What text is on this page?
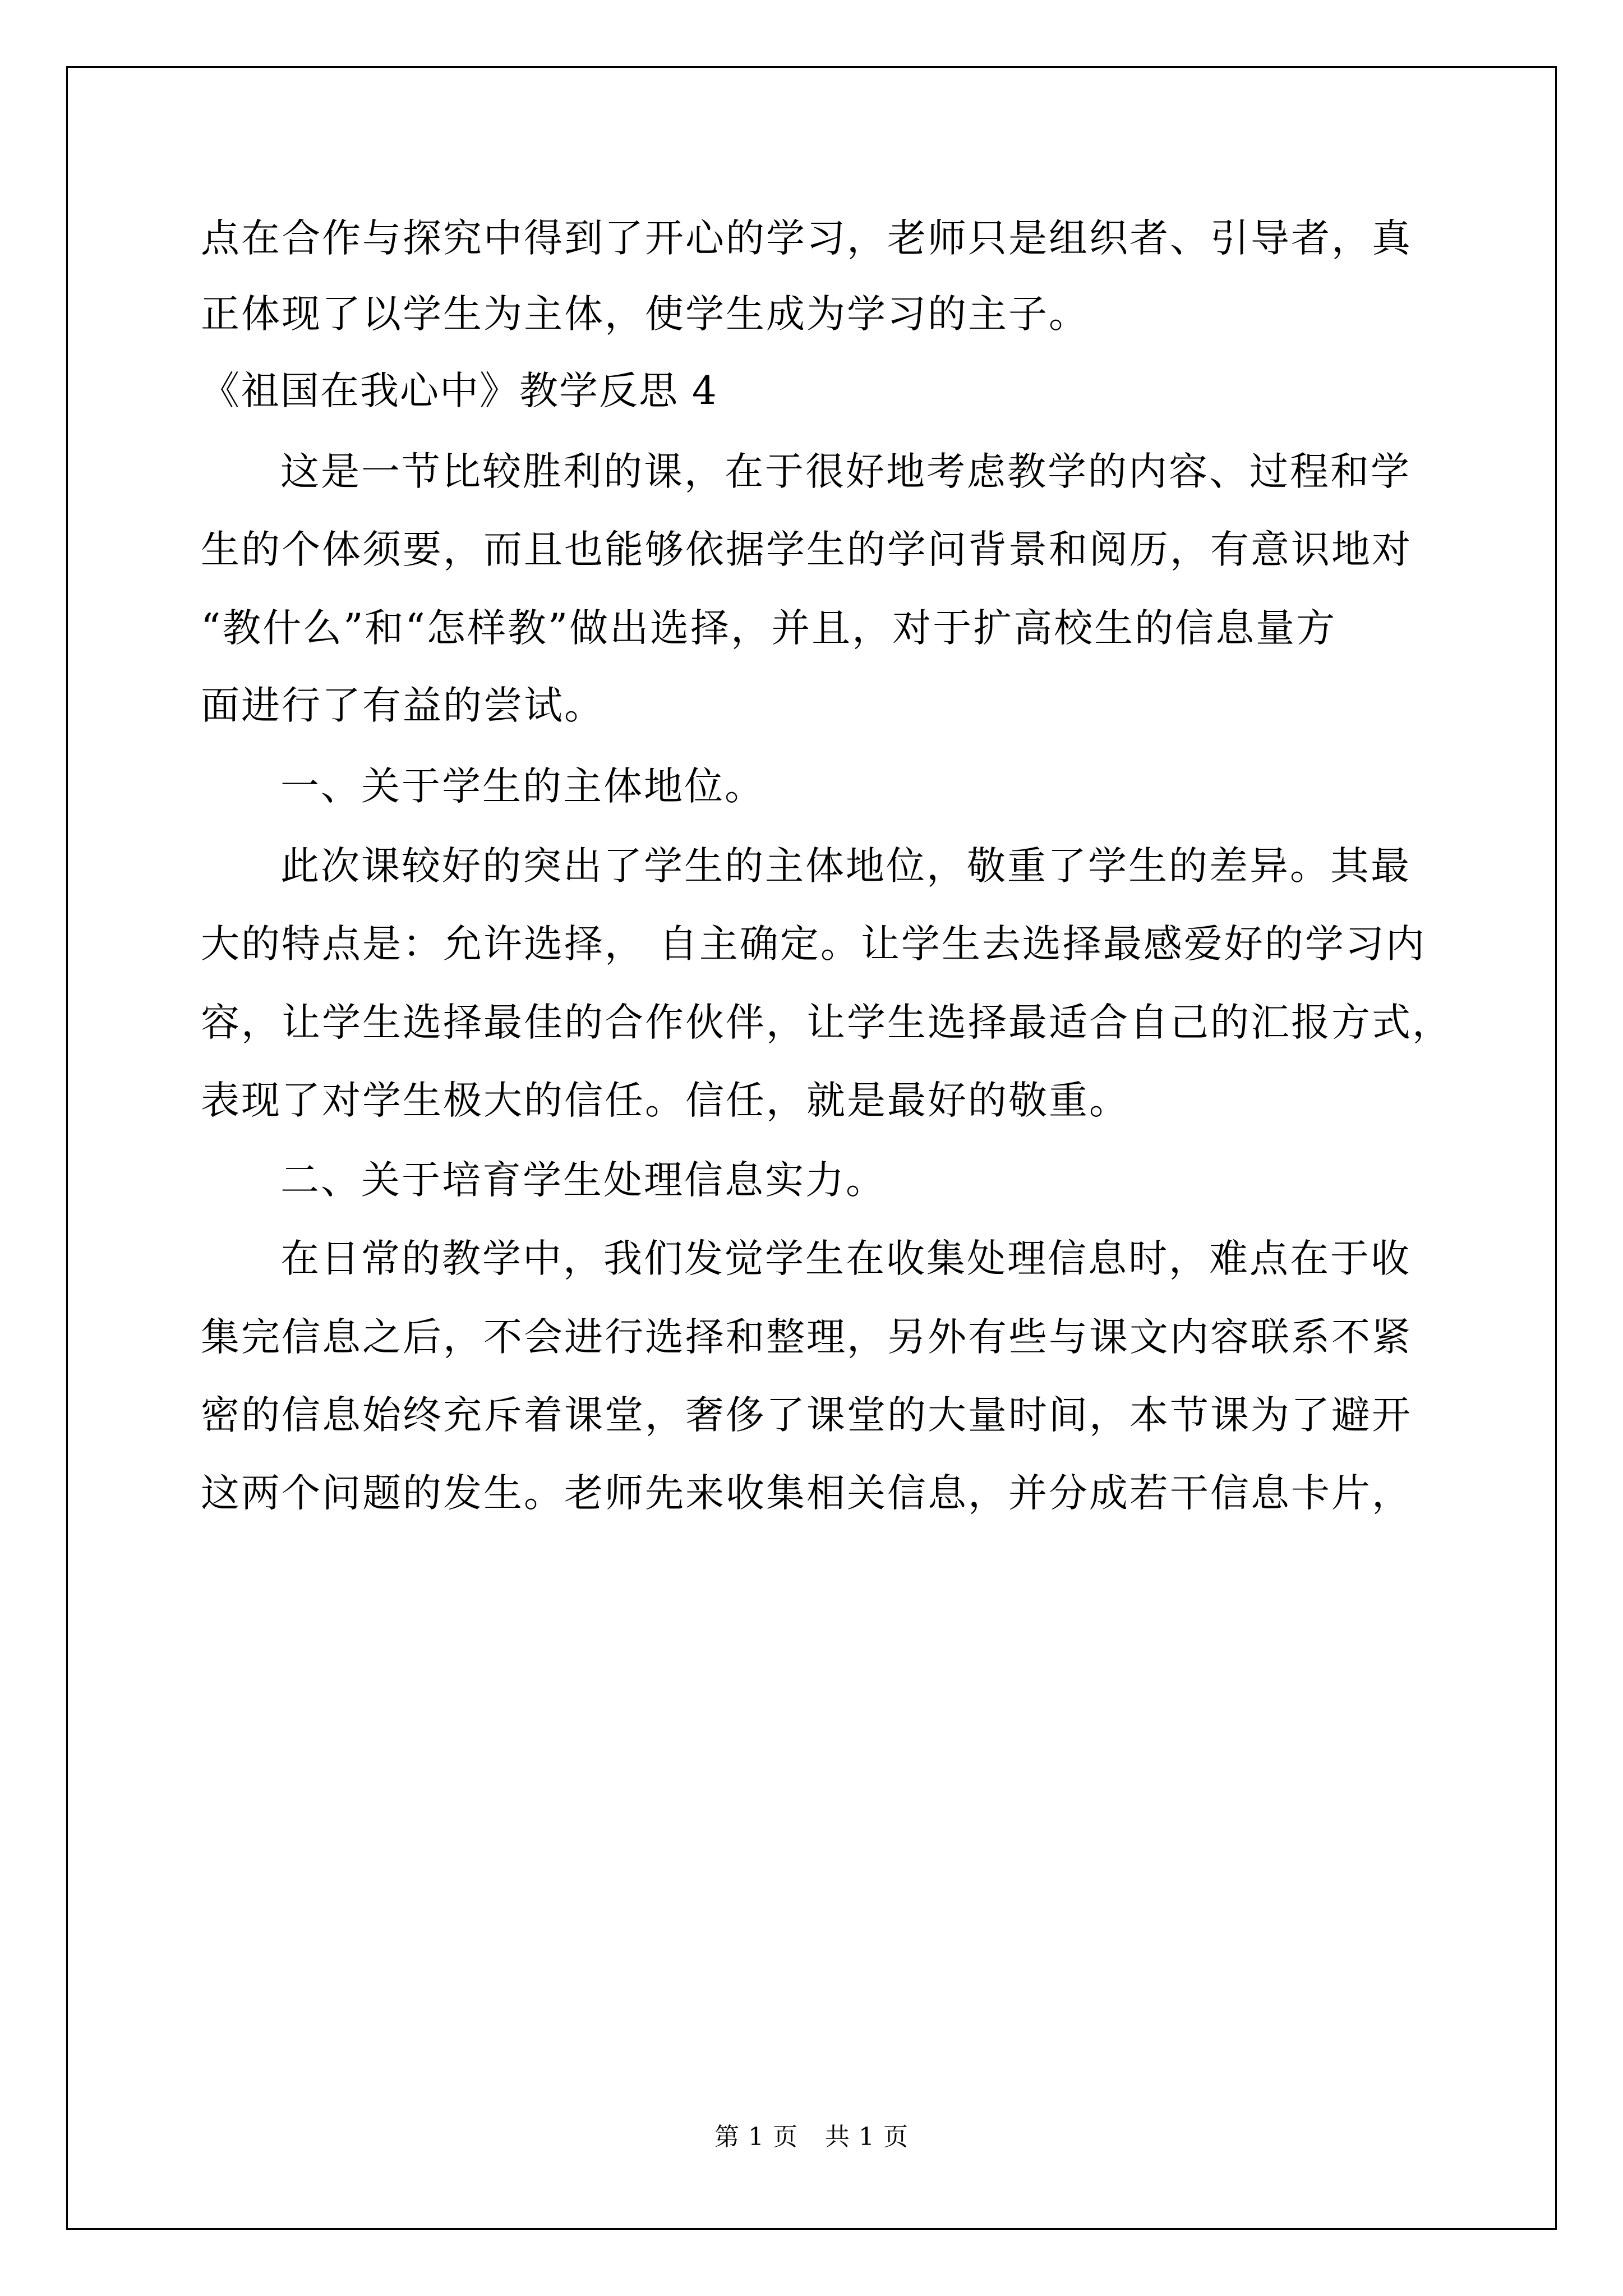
点在合作与探究中得到了开心的学习，老师只是组织者、引导者，真
正体现了以学生为主体，使学生成为学习的主子。
《祖国在我心中》教学反思 4
这是一节比较胜利的课，在于很好地考虑教学的内容、过程和学
生的个体须要，而且也能够依据学生的学问背景和阅历，有意识地对
“教什么”和“怎样教”做出选择，并且，对于扩高校生的信息量方
面进行了有益的尝试。
一、关于学生的主体地位。
此次课较好的突出了学生的主体地位，敬重了学生的差异。其最
大的特点是：允许选择， 自主确定。让学生去选择最感爱好的学习内
容，让学生选择最佳的合作伙伴，让学生选择最适合自己的汇报方式，
表现了对学生极大的信任。信任，就是最好的敬重。
二、关于培育学生处理信息实力。
在日常的教学中，我们发觉学生在收集处理信息时，难点在于收
集完信息之后，不会进行选择和整理，另外有些与课文内容联系不紧
密的信息始终充斥着课堂，奢侈了课堂的大量时间，本节课为了避开
这两个问题的发生。老师先来收集相关信息，并分成若干信息卡片，
第 1 页 共 1 页
